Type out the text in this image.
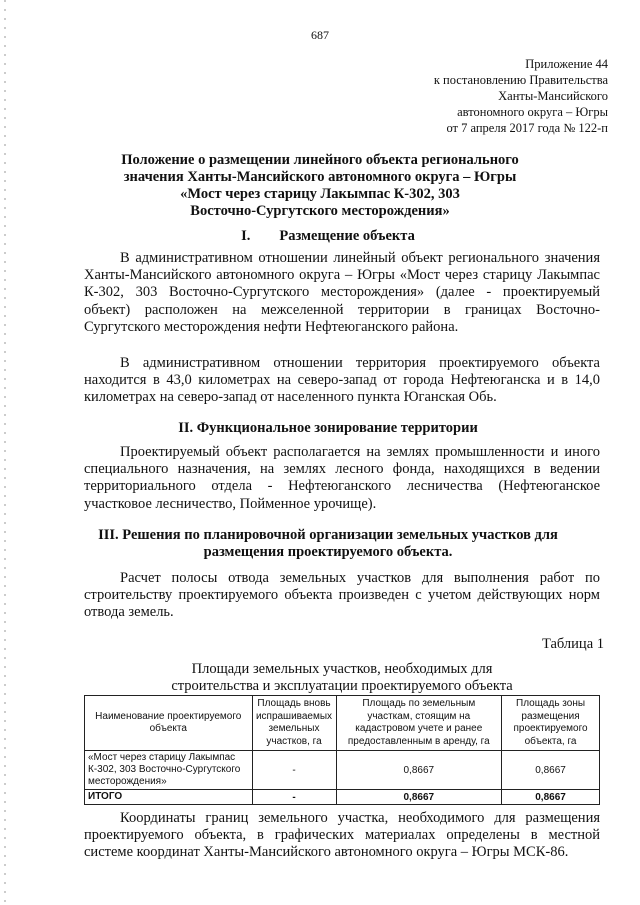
687
Приложение 44
к постановлению Правительства
Ханты-Мансийского
автономного округа – Югры
от 7 апреля 2017 года № 122-п
Положение о размещении линейного объекта регионального
значения Ханты-Мансийского автономного округа – Югры
«Мост через старицу Лакымпас К-302, 303
Восточно-Сургутского месторождения»
I.        Размещение объекта
В административном отношении линейный объект регионального значения Ханты-Мансийского автономного округа – Югры «Мост через старицу Лакымпас К-302, 303 Восточно-Сургутского месторождения» (далее - проектируемый объект) расположен на межселенной территории в границах Восточно-Сургутского месторождения нефти Нефтеюганского района.
В административном отношении территория проектируемого объекта находится в 43,0 километрах на северо-запад от города Нефтеюганска и в 14,0 километрах на северо-запад от населенного пункта Юганская Обь.
II. Функциональное зонирование территории
Проектируемый объект располагается на землях промышленности и иного специального назначения, на землях лесного фонда, находящихся в ведении территориального отдела - Нефтеюганского лесничества (Нефтеюганское участковое лесничество, Пойменное урочище).
III. Решения по планировочной организации земельных участков для
размещения проектируемого объекта.
Расчет полосы отвода земельных участков для выполнения работ по строительству проектируемого объекта произведен с учетом действующих норм отвода земель.
Таблица 1
Площади земельных участков, необходимых для
строительства и эксплуатации проектируемого объекта
Наименование проектируемого объекта	Площадь вновь испрашиваемых земельных участков, га	Площадь по земельным участкам, стоящим на кадастровом учете и ранее предоставленным в аренду, га	Площадь зоны размещения проектируемого объекта, га
«Мост через старицу Лакымпас К-302, 303 Восточно-Сургутского месторождения»	-	0,8667	0,8667
ИТОГО	-	0,8667	0,8667
Координаты границ земельного участка, необходимого для размещения проектируемого объекта, в графических материалах определены в местной системе координат Ханты-Мансийского автономного округа – Югры МСК-86.
